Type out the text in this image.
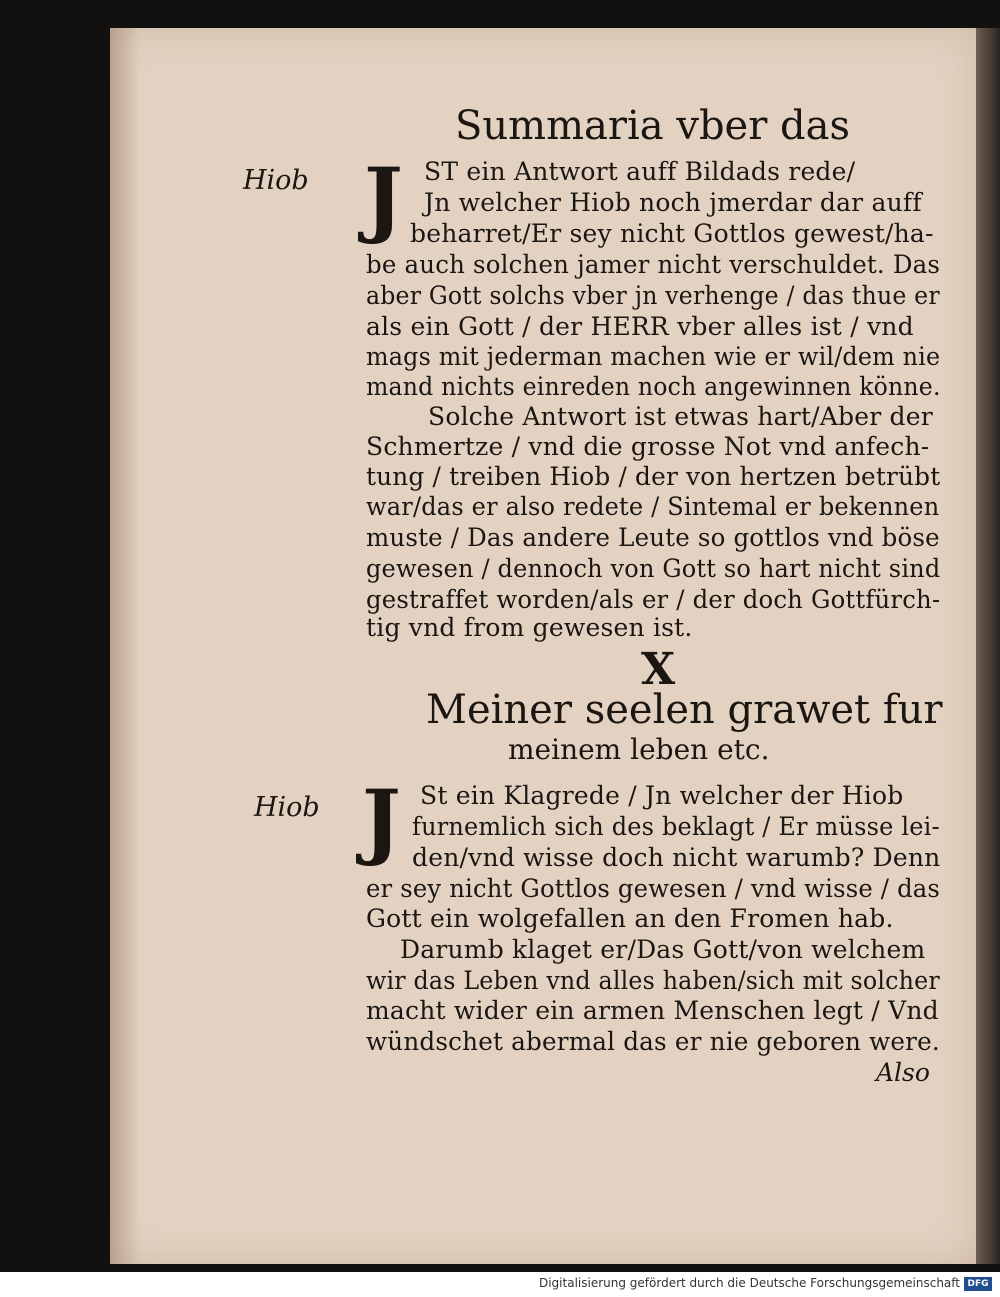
Summaria vber das
Hiob J ST ein Antwort auff Bildads rede/
Jn welcher Hiob noch jmerdar dar auff
beharret/Er sey nicht Gottlos gewest/ha-
be auch solchen jamer nicht verschuldet. Das
aber Gott solchs vber jn verhenge / das thue er
als ein Gott / der HERR vber alles ist / vnd
mags mit jederman machen wie er wil/dem nie
mand nichts einreden noch angewinnen könne.
Solche Antwort ist etwas hart/Aber der
Schmertze / vnd die grosse Not vnd anfech-
tung / treiben Hiob / der von hertzen betrübt
war/das er also redete / Sintemal er bekennen
muste / Das andere Leute so gottlos vnd böse
gewesen / dennoch von Gott so hart nicht sind
gestraffet worden/als er / der doch Gottfürch-
tig vnd from gewesen ist.
X
Meiner seelen grawet fur
meinem leben etc.
Hiob J St ein Klagrede / Jn welcher der Hiob
furnemlich sich des beklagt / Er müsse lei-
den/vnd wisse doch nicht warumb? Denn
er sey nicht Gottlos gewesen / vnd wisse / das
Gott ein wolgefallen an den Fromen hab.
Darumb klaget er/Das Gott/von welchem
wir das Leben vnd alles haben/sich mit solcher
macht wider ein armen Menschen legt / Vnd
wündschet abermal das er nie geboren were.
Also
Digitalisierung gefördert durch die Deutsche Forschungsgemeinschaft DFG
